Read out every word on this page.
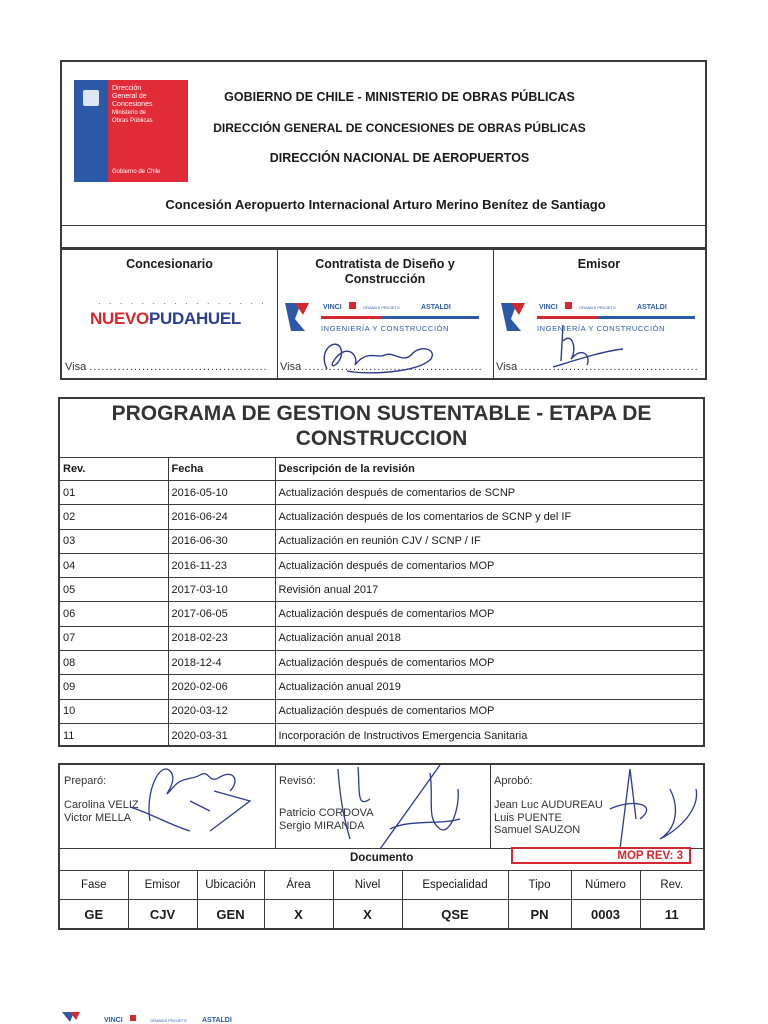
Dirección
General de
Concesiones
Ministerio de
Obras Públicas
Gobierno de Chile
GOBIERNO DE CHILE - MINISTERIO DE OBRAS PÚBLICAS
DIRECCIÓN GENERAL DE CONCESIONES DE OBRAS PÚBLICAS
DIRECCIÓN NACIONAL DE AEROPUERTOS
Concesión Aeropuerto Internacional Arturo Merino Benítez de Santiago
Concesionario
· · · · · · · · · · · · · · · ·
NUEVOPUDAHUEL
Visa ............................................
Contratista de Diseño y
Construcción
VINCI	GRANDS PROJETS	ASTALDI
INGENIERÍA Y CONSTRUCCIÓN
Visa ............................................
Emisor
VINCI	GRANDS PROJETS	ASTALDI
INGENIERÍA Y CONSTRUCCIÓN
Visa ............................................
PROGRAMA DE GESTION SUSTENTABLE - ETAPA DE
CONSTRUCCION
Rev.	Fecha	Descripción de la revisión
01	2016-05-10	Actualización después de comentarios de SCNP
02	2016-06-24	Actualización después de los comentarios de SCNP y del IF
03	2016-06-30	Actualización en reunión CJV / SCNP / IF
04	2016-11-23	Actualización después de comentarios MOP
05	2017-03-10	Revisión anual 2017
06	2017-06-05	Actualización después de comentarios MOP
07	2018-02-23	Actualización anual 2018
08	2018-12-4	Actualización después de comentarios MOP
09	2020-02-06	Actualización anual 2019
10	2020-03-12	Actualización después de comentarios MOP
11	2020-03-31	Incorporación de Instructivos Emergencia Sanitaria
Preparó:
Carolina VELIZ
Victor MELLA
Revisó:
Patricio CORDOVA
Sergio MIRANDA
Aprobó:
Jean Luc AUDUREAU
Luis PUENTE
Samuel SAUZON
Documento	MOP REV: 3
Fase	Emisor	Ubicación	Área	Nivel	Especialidad	Tipo	Número	Rev.
GE	CJV	GEN	X	X	QSE	PN	0003	11
VINCI	GRANDS PROJETS ASTALDI
